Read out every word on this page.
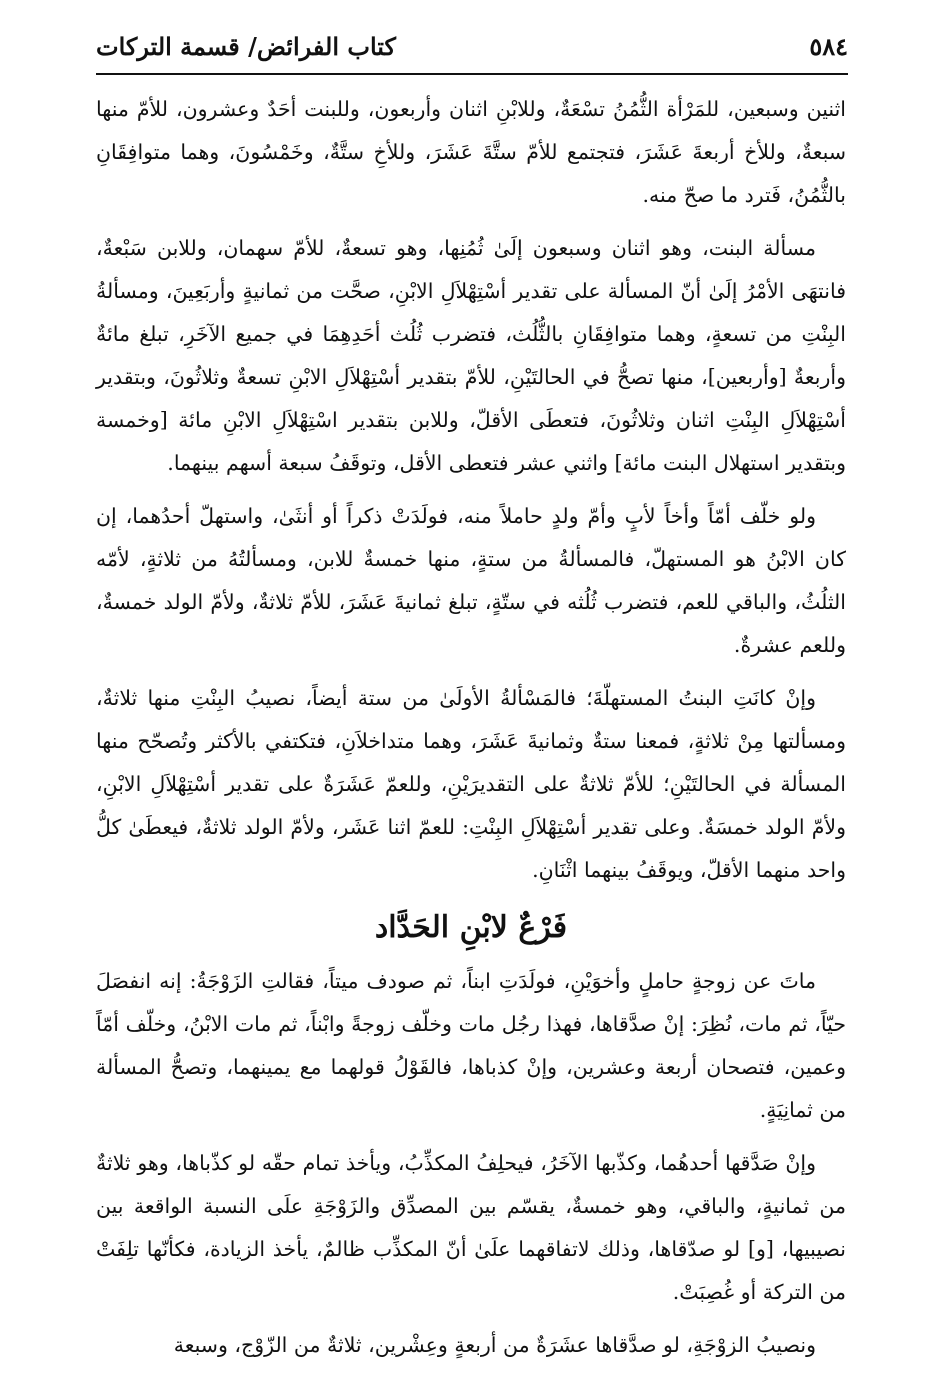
٥٨٤
كتاب الفرائض/ قسمة التركات

اثنين وسبعين، للمَرْأة الثُّمُنُ تسْعَةٌ، وللابْنِ اثنان وأربعون، وللبنت أحَدٌ وعشرون، للأمّ منها سبعةٌ، وللأخ أربعةَ عَشَرَ، فتجتمع للأمّ ستَّةَ عَشَرَ، وللأخِ ستَّةٌ، وخَمْسُونَ، وهما متوافِقَانِ بالثُّمُنُ، فَترد ما صحّ منه.

مسألة البنت، وهو اثنان وسبعون إلَىٰ ثُمُنِها، وهو تسعةٌ، للأمّ سهمان، وللابن سَبْعةٌ، فانتهَى الأمْرُ إلَىٰ أنّ المسألة على تقدير أسْتِهْلاَلِ الابْنِ، صحَّت من ثمانيةٍ وأربَعِينَ، ومسألةُ البِنْتِ من تسعةٍ، وهما متوافِقَانِ بالثُّلُث، فتضرب ثُلُث أحَدِهِمَا في جميع الآخَرِ، تبلغ مائةٌ وأربعةٌ [وأربعين]، منها تصحُّ في الحالتَيْنِ، للأمّ بتقدير أسْتِهْلاَلِ الابْنِ تسعةٌ وثلاثُونَ، وبتقدير أسْتِهْلاَلِ البِنْتِ اثنان وثلاثُونَ، فتعطَى الأقلّ، وللابن بتقدير اسْتِهْلاَلِ الابْنِ مائة [وخمسة وبتقدير استهلال البنت مائة] واثني عشر فتعطى الأقل، وتوقَفُ سبعة أسهم بينهما.

ولو خلّف أمّاً وأخاً لأبٍ وأمّ ولدٍ حاملاً منه، فولَدَتْ ذكراً أو أنثَىٰ، واستهلّ أحدُهما، إن كان الابْنُ هو المستهلّ، فالمسألةُ من ستةٍ، منها خمسةٌ للابن، ومسألتُهُ من ثلاثةٍ، لأمّه الثلُثُ، والباقي للعم، فتضرب ثُلُثه في ستّةٍ، تبلغ ثمانيةَ عَشَرَ، للأمّ ثلاثةٌ، ولأمّ الولد خمسةٌ، وللعم عشرةٌ.

وإنْ كانَتِ البنتُ المستهلّةَ؛ فالمَسْألةُ الأولَىٰ من ستة أيضاً، نصيبُ البِنْتِ منها ثلاثةٌ، ومسألتها مِنْ ثلاثةٍ، فمعنا ستةٌ وثمانيةَ عَشَرَ، وهما متداخلاَنِ، فتكتفي بالأكثر وتُصحّح منها المسألة في الحالتَيْنِ؛ للأمّ ثلاثةٌ على التقديرَيْنِ، وللعمّ عَشَرَةٌ على تقدير أسْتِهْلاَلِ الابْنِ، ولأمّ الولد خمسَةٌ. وعلى تقدير أسْتِهْلاَلِ البِنْتِ: للعمّ اثنا عَشَر، ولأمّ الولد ثلاثةٌ، فيعطَىٰ كلُّ واحد منهما الأقلّ، ويوقَفُ بينهما اثْنَانِ.

فَرْعٌ لابْنِ الحَدَّاد

ماتَ عن زوجةٍ حاملٍ وأخوَيْنِ، فولَدَتِ ابناً، ثم صودف ميتاً، فقالتِ الزَوْجَةُ: إنه انفصَلَ حيّاً، ثم مات، نُظِرَ: إنْ صدَّقاها، فهذا رجُل مات وخلّف زوجةً وابْناً، ثم مات الابْنُ، وخلّف أمّاً وعمين، فتصحان أربعة وعشرين، وإنْ كذباها، فالقَوْلُ قولهما مع يمينهما، وتصحُّ المسألة من ثمانِيَةٍ.

وإنْ صَدَّقها أحدهُما، وكذّبها الآخَرُ، فيحلِفُ المكذِّبُ، ويأخذ تمام حقّه لو كذّباها، وهو ثلاثةٌ من ثمانيةٍ، والباقي، وهو خمسةٌ، يقسّم بين المصدِّق والزَوْجَةِ علَى النسبة الواقعة بين نصيبيها، [و] لو صدّقاها، وذلك لاتفاقهما علَىٰ أنّ المكذِّب ظالمٌ، يأخذ الزيادة، فكأنّها تلِفَتْ من التركة أو غُصِبَتْ.

ونصيبُ الزوْجَةِ، لو صدَّقاها عشَرَةٌ من أربعةٍ وعِشْرين، ثلاثةٌ من الزّوْج، وسبعة
